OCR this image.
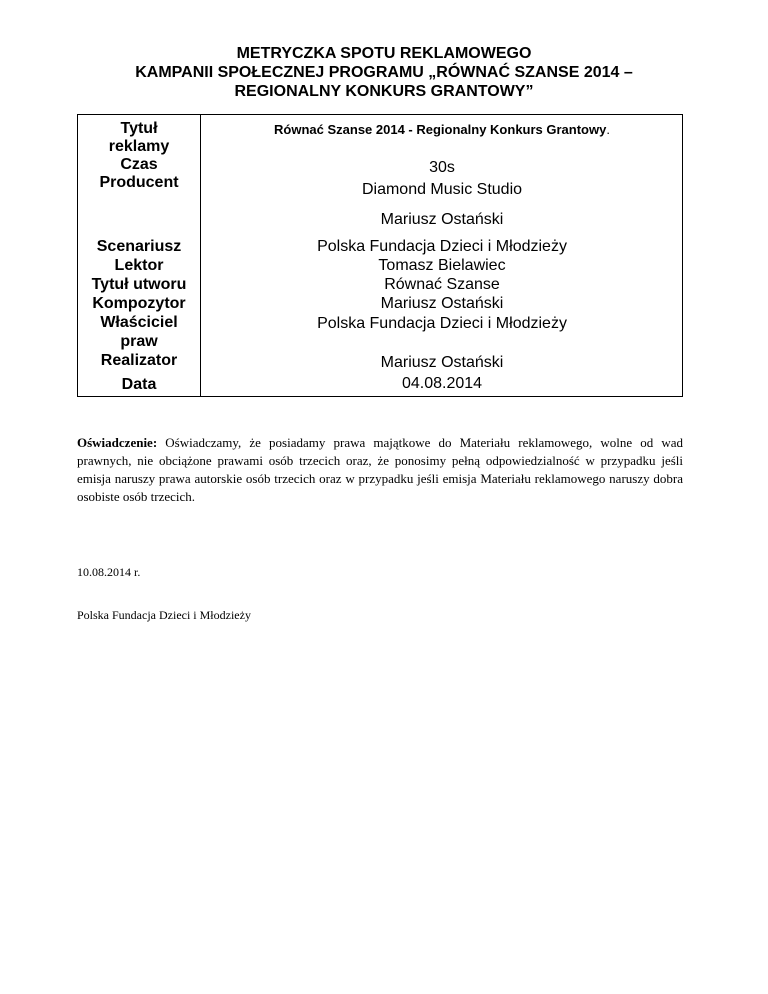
METRYCZKA SPOTU REKLAMOWEGO
KAMPANII SPOŁECZNEJ PROGRAMU „RÓWNAĆ SZANSE 2014 –
REGIONALNY KONKURS GRANTOWY”
Tytuł
reklamy
Czas
Producent
Scenariusz
Lektor
Tytuł utworu
Kompozytor
Właściciel
praw
Realizator
Data
Równać Szanse 2014 - Regionalny Konkurs Grantowy.
30s
Diamond Music Studio
Mariusz Ostański
Polska Fundacja Dzieci i Młodzieży
Tomasz Bielawiec
Równać Szanse
Mariusz Ostański
Polska Fundacja Dzieci i Młodzieży
Mariusz Ostański
04.08.2014
Oświadczenie: Oświadczamy, że posiadamy prawa majątkowe do Materiału reklamowego, wolne od wad prawnych, nie obciążone prawami osób trzecich oraz, że ponosimy pełną odpowiedzialność w przypadku jeśli emisja naruszy prawa autorskie osób trzecich oraz w przypadku jeśli emisja Materiału reklamowego naruszy dobra osobiste osób trzecich.
10.08.2014 r.
Polska Fundacja Dzieci i Młodzieży
